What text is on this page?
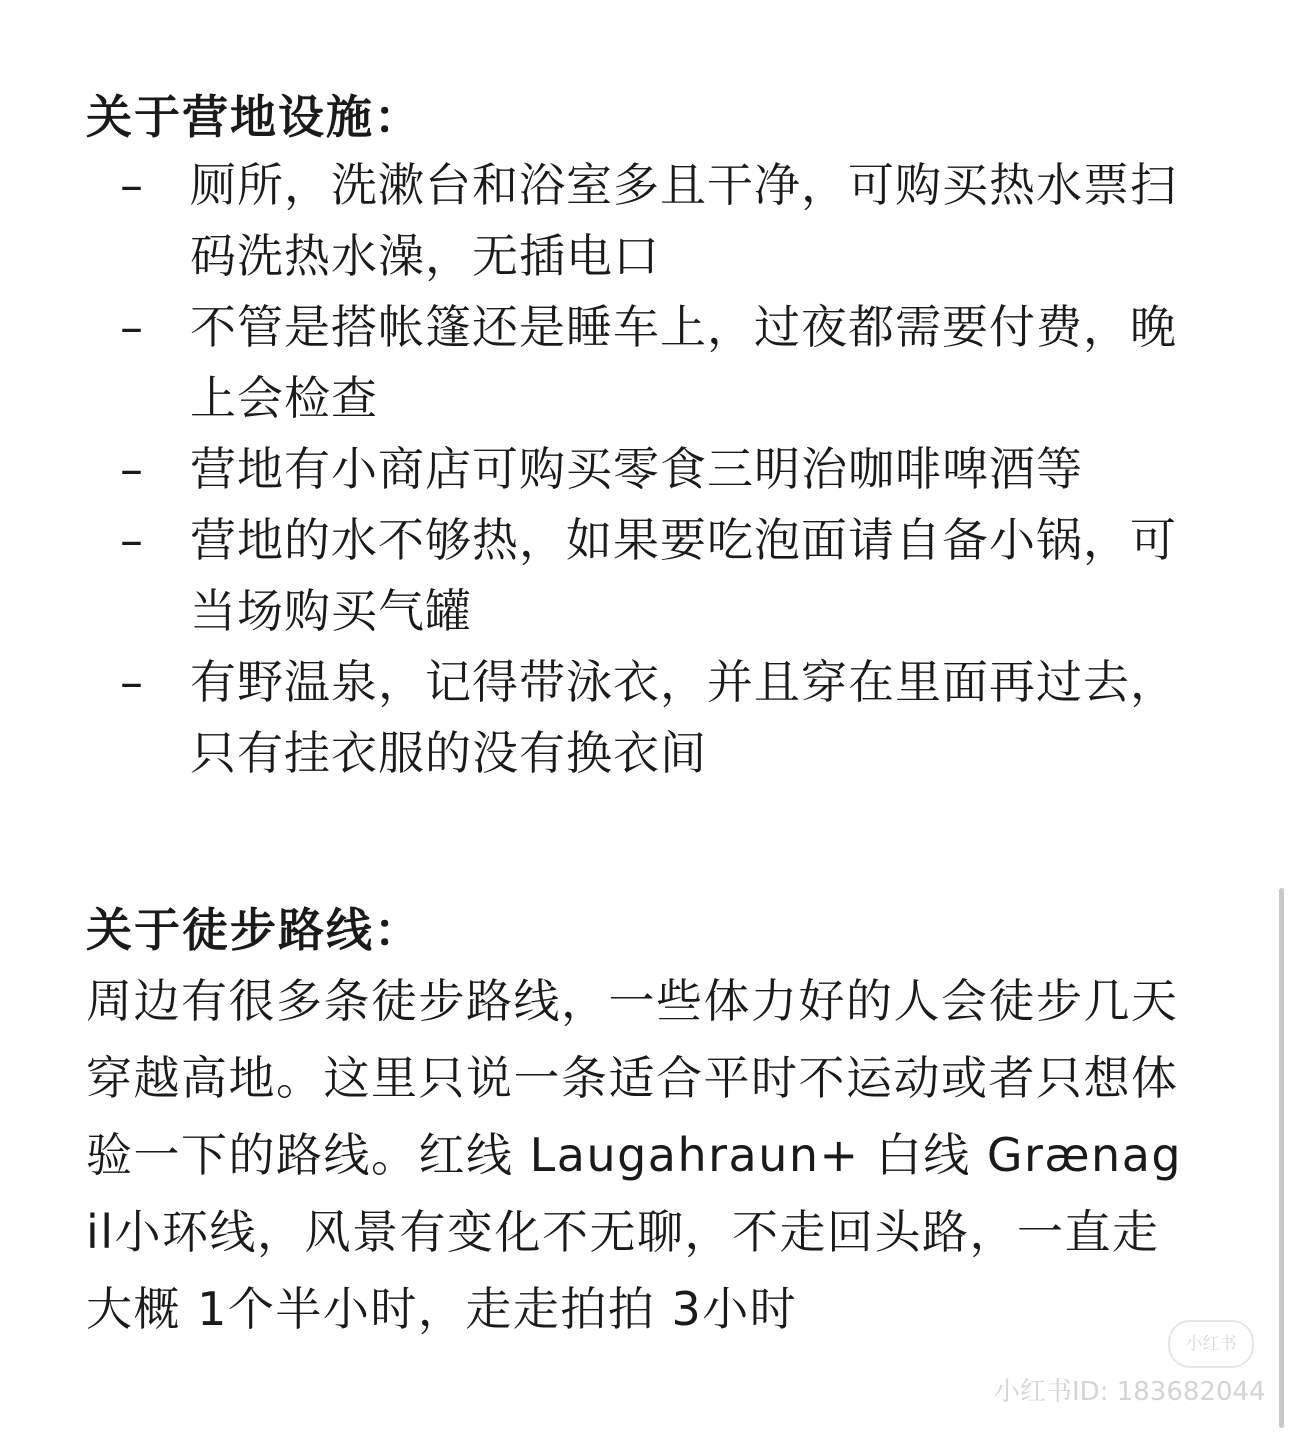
关于营地设施：
– 厕所，洗漱台和浴室多且干净，可购买热水票扫码洗热水澡，无插电口
– 不管是搭帐篷还是睡车上，过夜都需要付费，晚上会检查
– 营地有小商店可购买零食三明治咖啡啤酒等
– 营地的水不够热，如果要吃泡面请自备小锅，可当场购买气罐
– 有野温泉，记得带泳衣，并且穿在里面再过去，只有挂衣服的没有换衣间
关于徒步路线：

周边有很多条徒步路线，一些体力好的人会徒步几天穿越高地。这里只说一条适合平时不运动或者只想体验一下的路线。红线 Laugahraun+ 白线 Grænagil小环线，风景有变化不无聊，不走回头路，一直走大概 1个半小时，走走拍拍 3小时

小红书
小红书ID: 183682044
